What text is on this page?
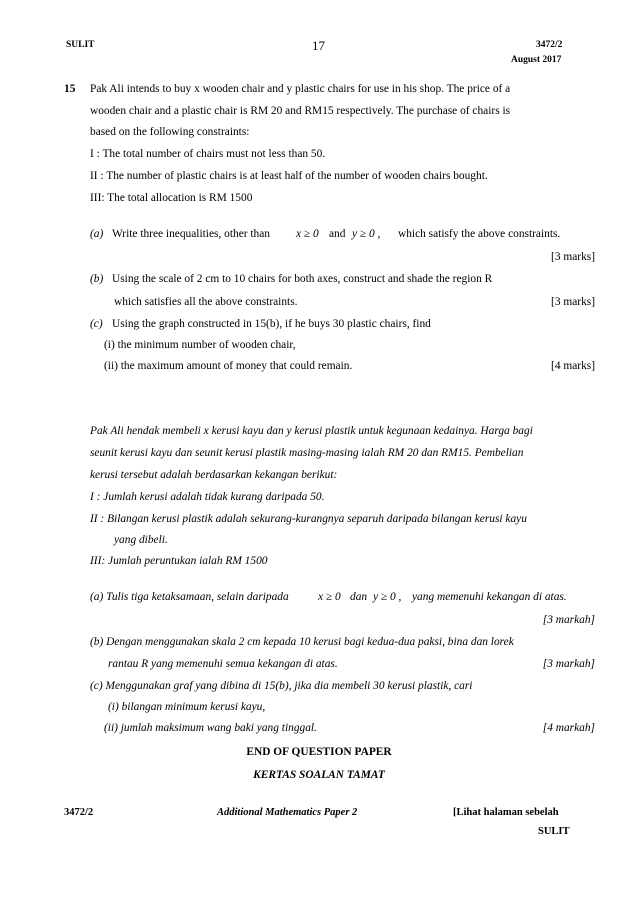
SULIT	17	3472/2
August 2017
15 Pak Ali intends to buy x wooden chair and y plastic chairs for use in his shop. The price of a
wooden chair and a plastic chair is RM 20 and RM15 respectively. The purchase of chairs is
based on the following constraints:
I : The total number of chairs must not less than 50.
II : The number of plastic chairs is at least half of the number of wooden chairs bought.
III: The total allocation is RM 1500
(a) Write three inequalities, other than x ≥ 0 and y ≥ 0 , which satisfy the above constraints.
[3 marks]
(b) Using the scale of 2 cm to 10 chairs for both axes, construct and shade the region R
which satisfies all the above constraints.	[3 marks]
(c) Using the graph constructed in 15(b), if he buys 30 plastic chairs, find
(i) the minimum number of wooden chair,
(ii) the maximum amount of money that could remain.	[4 marks]
Pak Ali hendak membeli x kerusi kayu dan y kerusi plastik untuk kegunaan kedainya. Harga bagi
seunit kerusi kayu dan seunit kerusi plastik masing-masing ialah RM 20 dan RM15. Pembelian
kerusi tersebut adalah berdasarkan kekangan berikut:
I : Jumlah kerusi adalah tidak kurang daripada 50.
II : Bilangan kerusi plastik adalah sekurang-kurangnya separuh daripada bilangan kerusi kayu
yang dibeli.
III: Jumlah peruntukan ialah RM 1500
(a) Tulis tiga ketaksamaan, selain daripada	x ≥ 0 dan y ≥ 0 , yang memenuhi kekangan di atas.
[3 markah]
(b) Dengan menggunakan skala 2 cm kepada 10 kerusi bagi kedua-dua paksi, bina dan lorek
rantau R yang memenuhi semua kekangan di atas.	[3 markah]
(c) Menggunakan graf yang dibina di 15(b), jika dia membeli 30 kerusi plastik, cari
(i) bilangan minimum kerusi kayu,
(ii) jumlah maksimum wang baki yang tinggal.	[4 markah]
END OF QUESTION PAPER
KERTAS SOALAN TAMAT
3472/2	Additional Mathematics Paper 2	[Lihat halaman sebelah
SULIT
